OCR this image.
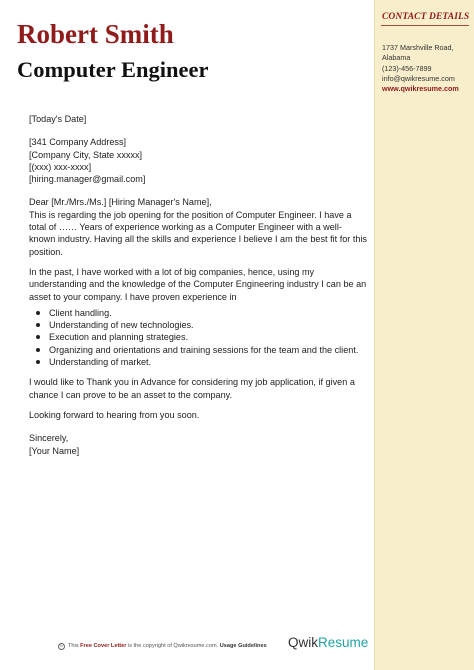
CONTACT DETAILS
1737 Marshville Road,
Alabama
(123)-456-7899
info@qwikresume.com
www.qwikresume.com
Robert Smith
Computer Engineer

[Today's Date]

[341 Company Address]

[Company City, State xxxxx]

[(xxx) xxx-xxxx]

[hiring.manager@gmail.com]

Dear [Mr./Mrs./Ms.] [Hiring Manager's Name],

This is regarding the job opening for the position of Computer Engineer. I have a total of …… Years of experience working as a Computer Engineer with a well-known industry. Having all the skills and experience I believe I am the best fit for this position.

In the past, I have worked with a lot of big companies, hence, using my understanding and the knowledge of the Computer Engineering industry I can be an asset to your company. I have proven experience in

Client handling.
Understanding of new technologies.
Execution and planning strategies.
Organizing and orientations and training sessions for the team and the client.
Understanding of market.

I would like to Thank you in Advance for considering my job application, if given a chance I can prove to be an asset to the company.

Looking forward to hearing from you soon.

Sincerely,

[Your Name]

© This Free Cover Letter is the copyright of Qwikresume.com. Usage Guidelines QwikResume
